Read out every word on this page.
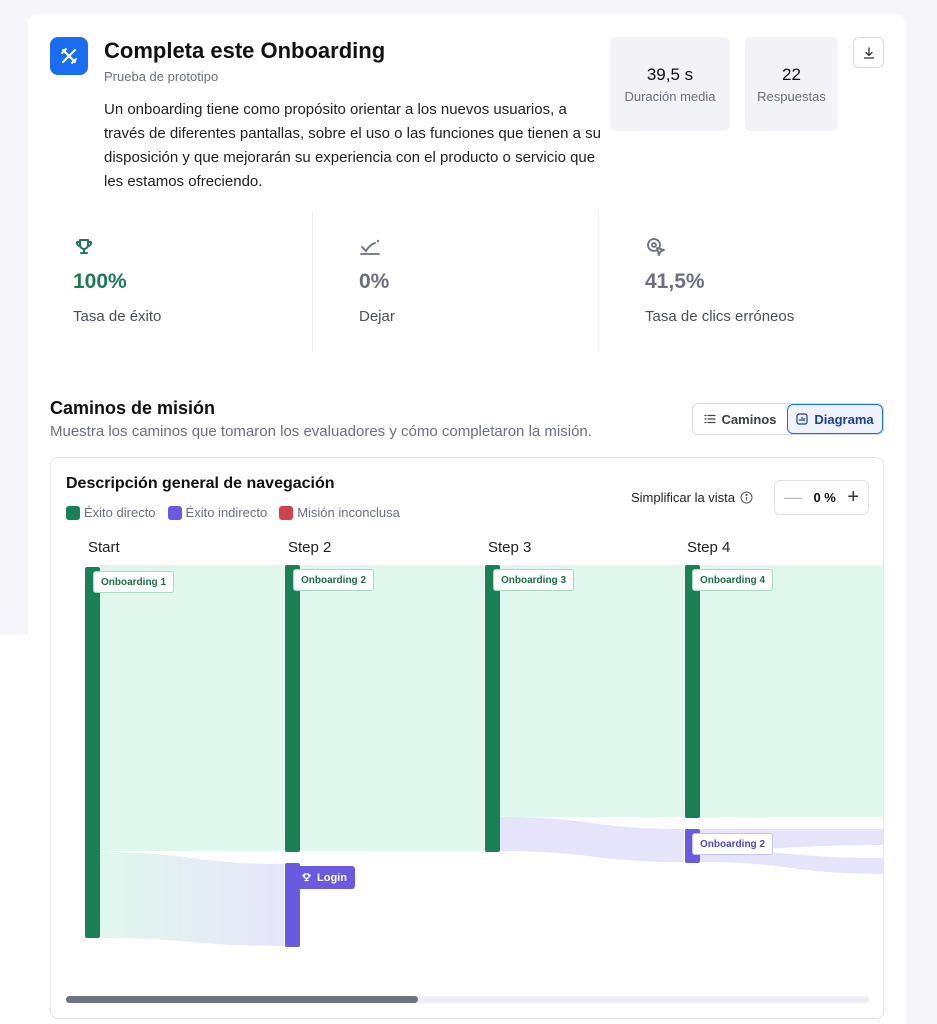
Completa este Onboarding
Prueba de prototipo
Un onboarding tiene como propósito orientar a los nuevos usuarios, a través de diferentes pantallas, sobre el uso o las funciones que tienen a su disposición y que mejorarán su experiencia con el producto o servicio que les estamos ofreciendo.
39,5 s
Duración media
22
Respuestas
100%
Tasa de éxito
0%
Dejar
41,5%
Tasa de clics erróneos
Caminos de misión
Muestra los caminos que tomaron los evaluadores y cómo completaron la misión.
Caminos	Diagrama
Descripción general de navegación
Éxito directo Éxito indirecto Misión inconclusa
Simplificar la vista	— 0 % +
Start	Step 2	Step 3	Step 4
Onboarding 1	Onboarding 2	Onboarding 3	Onboarding 4
Onboarding 2
Login
